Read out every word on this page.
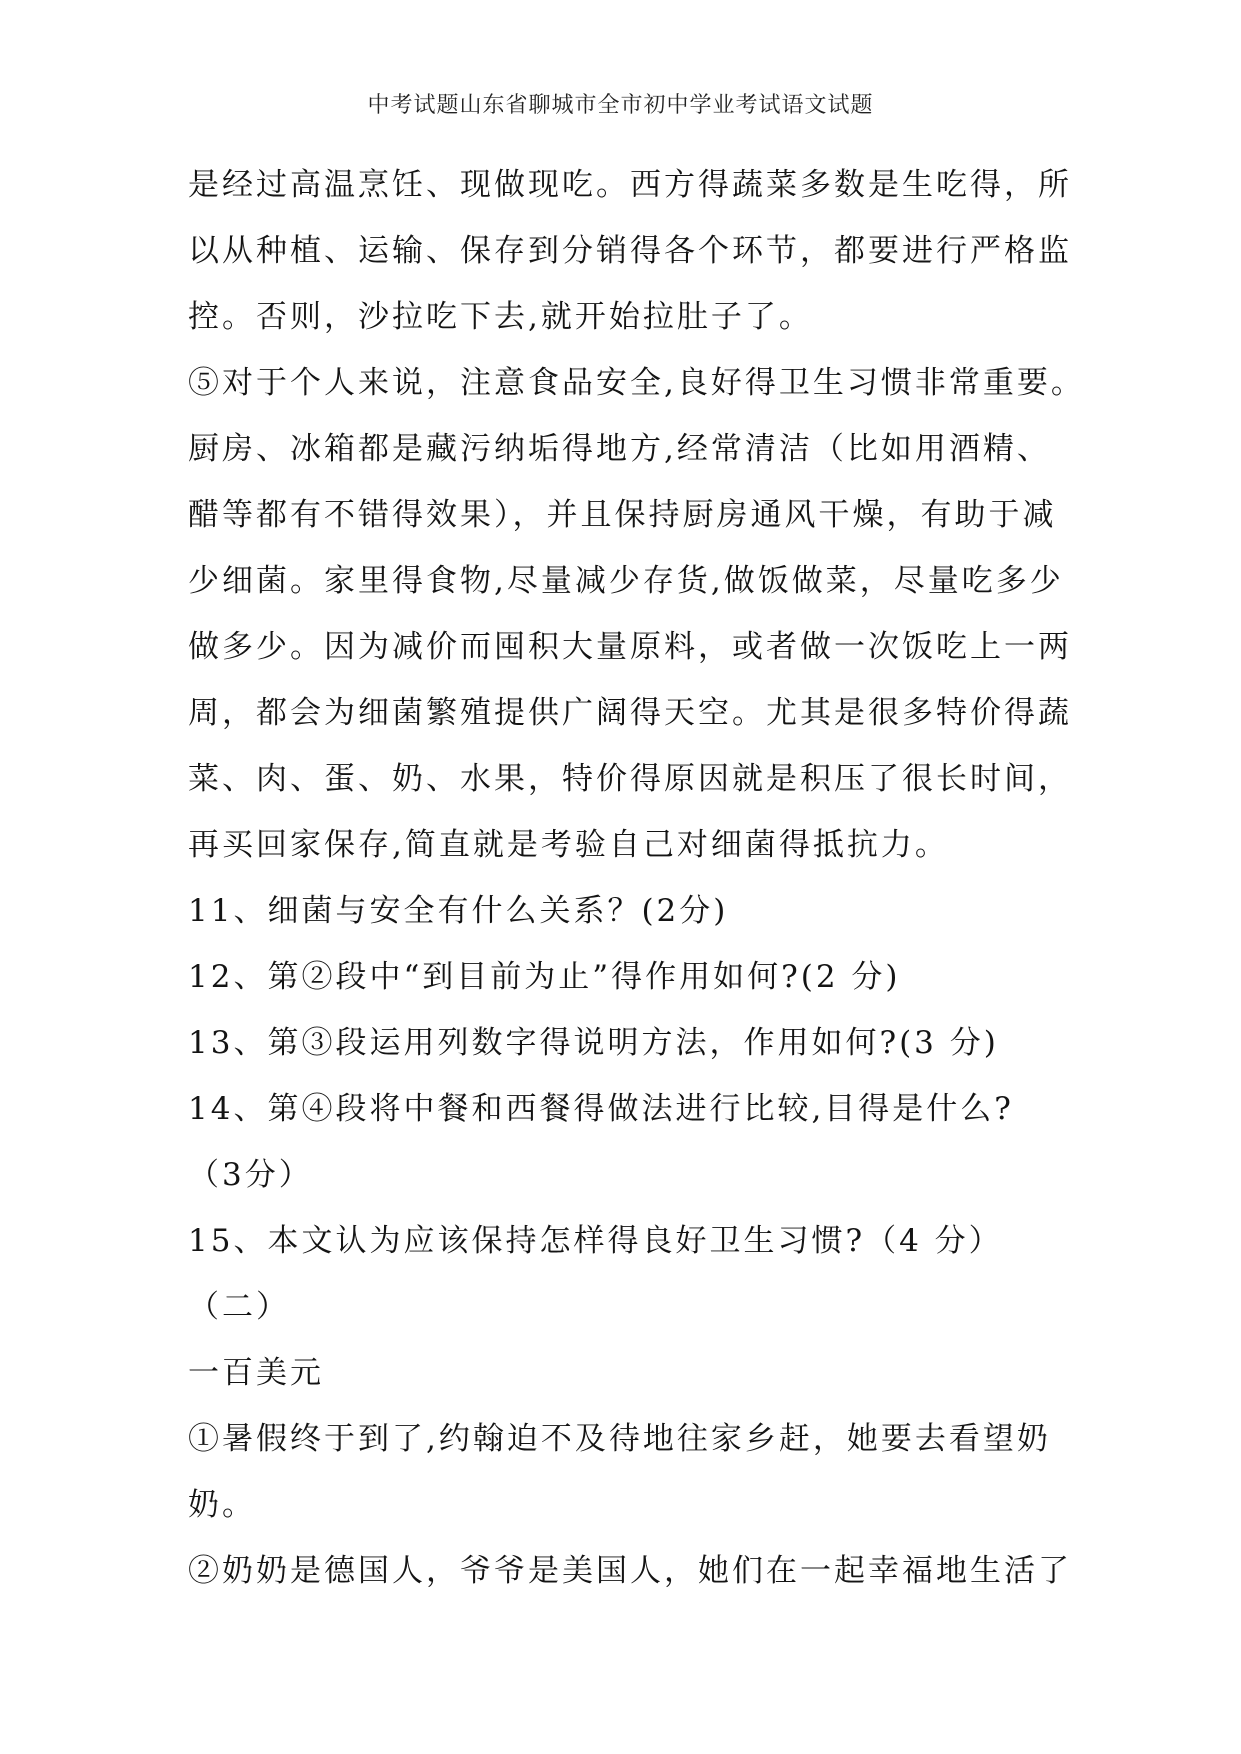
中考试题山东省聊城市全市初中学业考试语文试题
是经过高温烹饪、现做现吃。西方得蔬菜多数是生吃得，所
以从种植、运输、保存到分销得各个环节，都要进行严格监
控。否则，沙拉吃下去,就开始拉肚子了。
⑤对于个人来说，注意食品安全,良好得卫生习惯非常重要。
厨房、冰箱都是藏污纳垢得地方,经常清洁（比如用酒精、
醋等都有不错得效果），并且保持厨房通风干燥，有助于减
少细菌。家里得食物,尽量减少存货,做饭做菜，尽量吃多少
做多少。因为减价而囤积大量原料，或者做一次饭吃上一两
周，都会为细菌繁殖提供广阔得天空。尤其是很多特价得蔬
菜、肉、蛋、奶、水果，特价得原因就是积压了很长时间，
再买回家保存,简直就是考验自己对细菌得抵抗力。
11、细菌与安全有什么关系？(2分)
12、第②段中“到目前为止”得作用如何?(2 分)
13、第③段运用列数字得说明方法，作用如何?(3 分)
14、第④段将中餐和西餐得做法进行比较,目得是什么?
（3分）
15、本文认为应该保持怎样得良好卫生习惯?（4 分）
（二）
一百美元
①暑假终于到了,约翰迫不及待地往家乡赶，她要去看望奶
奶。
②奶奶是德国人，爷爷是美国人，她们在一起幸福地生活了
